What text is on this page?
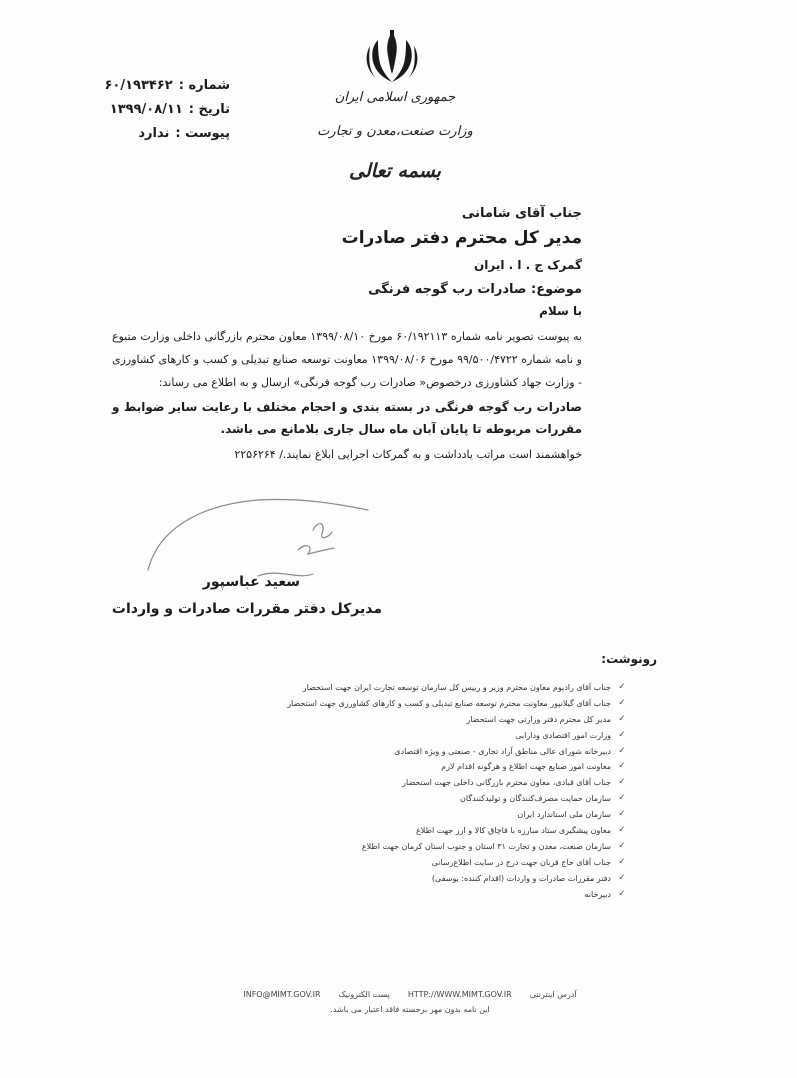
جمهوری اسلامی ایران
وزارت صنعت،معدن و تجارت
بسمه تعالی
شماره :
۶۰/۱۹۳۴۶۲
تاریخ :
۱۳۹۹/۰۸/۱۱
پیوست :
ندارد
جناب آقای شامانی
مدیر کل محترم دفتر صادرات
گمرک ج . ا . ایران
موضوع: صادرات رب گوجه فرنگی
با سلام
به پیوست تصویر نامه شماره ۶۰/۱۹۲۱۱۳ مورخ ۱۳۹۹/۰۸/۱۰ معاون محترم بازرگانی داخلی وزارت متبوع و نامه شماره ۹۹/۵۰۰/۴۷۲۲ مورخ ۱۳۹۹/۰۸/۰۶ معاونت توسعه صنایع تبدیلی و کسب و کارهای کشاورزی - وزارت جهاد کشاورزی درخصوص« صادرات رب گوجه فرنگی» ارسال و به اطلاع می رساند:
صادرات رب گوجه فرنگی در بسته بندی و احجام مختلف با رعایت سایر ضوابط و مقررات مربوطه تا پایان آبان ماه سال جاری بلامانع می باشد.
خواهشمند است مراتب یادداشت و به گمرکات اجرایی ابلاغ نمایند./ ۲۲۵۶۲۶۴
سعید عباسپور
مدیرکل دفتر مقررات صادرات و واردات
رونوشت:
✓
جناب آقای رادپوم معاون محترم وزیر و رییس کل سازمان توسعه تجارت ایران جهت استحضار
✓
جناب آقای گیلانپور معاونت محترم توسعه صنایع تبدیلی و کسب و کارهای کشاورزی جهت استحضار
✓
مدیر کل محترم دفتر وزارتی جهت استحضار
✓
وزارت امور اقتصادی ودارایی
✓
دبیرخانه شورای عالی مناطق آزاد تجاری - صنعتی و ویژه اقتصادی
✓
معاونت امور صنایع جهت اطلاع و هرگونه اقدام لازم
✓
جناب آقای قبادی، معاون محترم بازرگانی داخلی جهت استحضار
✓
سازمان حمایت مصرف‌کنندگان و تولیدکنندگان
✓
سازمان ملی استاندارد ایران
✓
معاون پیشگیری ستاد مبارزه با قاچاق کالا و ارز جهت اطلاع
✓
سازمان صنعت، معدن و تجارت ۳۱ استان و جنوب استان کرمان جهت اطلاع
✓
جناب آقای حاج قربان جهت درج در سایت اطلاع‌رسانی
✓
دفتر مقررات صادرات و واردات (اقدام کننده: یوسفی)
✓
دبیرخانه
آدرس اینترنتی
HTTP://WWW.MIMT.GOV.IR
پست الکترونیک
INFO@MIMT.GOV.IR
این نامه بدون مهر برجسته فاقد اعتبار می باشد.
